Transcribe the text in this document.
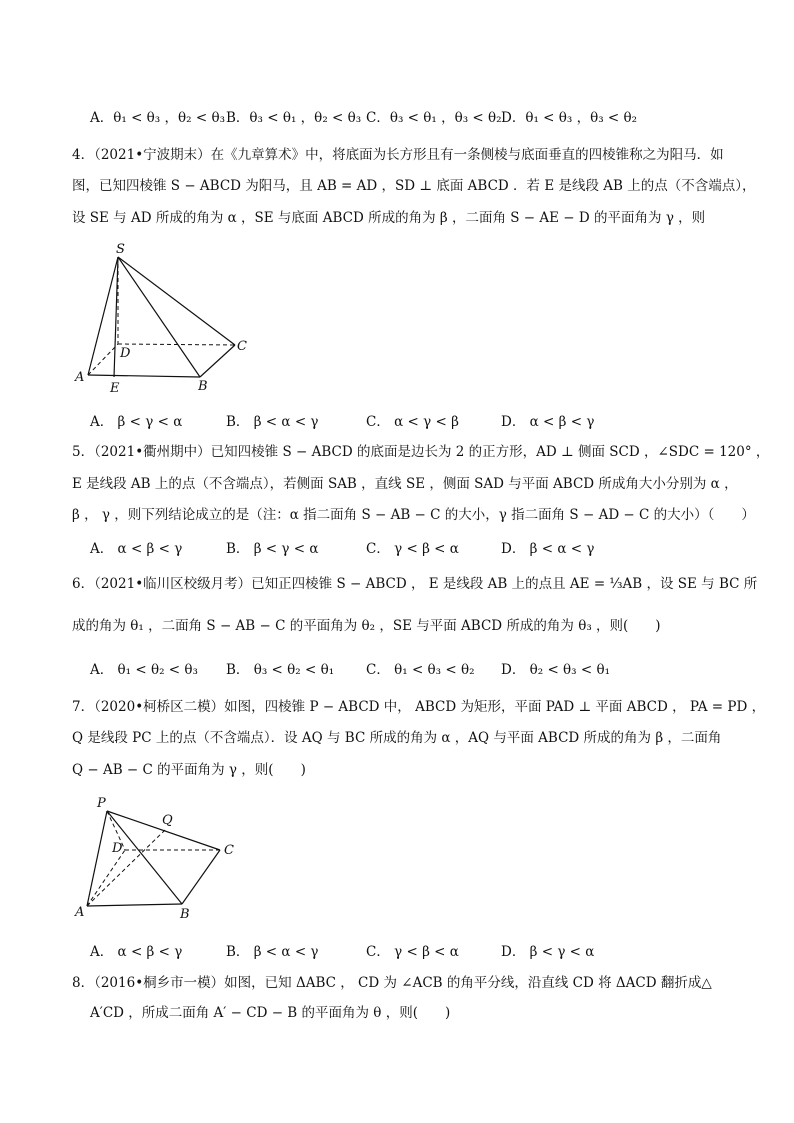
A．θ₁ < θ₃ ，θ₂ < θ₃ B．θ₃ < θ₁ ，θ₂ < θ₃ C．θ₃ < θ₁ ，θ₃ < θ₂ D．θ₁ < θ₃ ，θ₃ < θ₂
4．（2021•宁波期末）在《九章算术》中，将底面为长方形且有一条侧棱与底面垂直的四棱锥称之为阳马．如
图，已知四棱锥 S − ABCD 为阳马，且 AB = AD ，SD ⊥ 底面 ABCD ．若 E 是线段 AB 上的点（不含端点），
设 SE 与 AD 所成的角为 α ，SE 与底面 ABCD 所成的角为 β ，二面角 S − AE − D 的平面角为 γ ，则
S
D	C
A
E	B
A． β < γ < α	B． β < α < γ	C． α < γ < β	D． α < β < γ
5．（2021•衢州期中）已知四棱锥 S − ABCD 的底面是边长为 2 的正方形，AD ⊥ 侧面 SCD ，∠SDC = 120° ，
E 是线段 AB 上的点（不含端点），若侧面 SAB ，直线 SE ，侧面 SAD 与平面 ABCD 所成角大小分别为 α ，
β ， γ ，则下列结论成立的是（注：α 指二面角 S − AB − C 的大小，γ 指二面角 S − AD − C 的大小）（　　）
A． α < β < γ	B． β < γ < α	C． γ < β < α	D． β < α < γ
6．（2021•临川区校级月考）已知正四棱锥 S − ABCD ， E 是线段 AB 上的点且 AE = ⅓AB ，设 SE 与 BC 所
成的角为 θ₁ ，二面角 S − AB − C 的平面角为 θ₂ ，SE 与平面 ABCD 所成的角为 θ₃ ，则(　　)
A． θ₁ < θ₂ < θ₃	B． θ₃ < θ₂ < θ₁	C． θ₁ < θ₃ < θ₂	D． θ₂ < θ₃ < θ₁
7．（2020•柯桥区二模）如图，四棱锥 P − ABCD 中， ABCD 为矩形，平面 PAD ⊥ 平面 ABCD ， PA = PD ，
Q 是线段 PC 上的点（不含端点）．设 AQ 与 BC 所成的角为 α ，AQ 与平面 ABCD 所成的角为 β ，二面角
Q − AB − C 的平面角为 γ ，则(　　)
P
Q
D	C
A	B
A． α < β < γ	B． β < α < γ	C． γ < β < α	D． β < γ < α
8．（2016•桐乡市一模）如图，已知 ΔABC ， CD 为 ∠ACB 的角平分线，沿直线 CD 将 ΔACD 翻折成△
A′CD ，所成二面角 A′ − CD − B 的平面角为 θ ，则(　　)
